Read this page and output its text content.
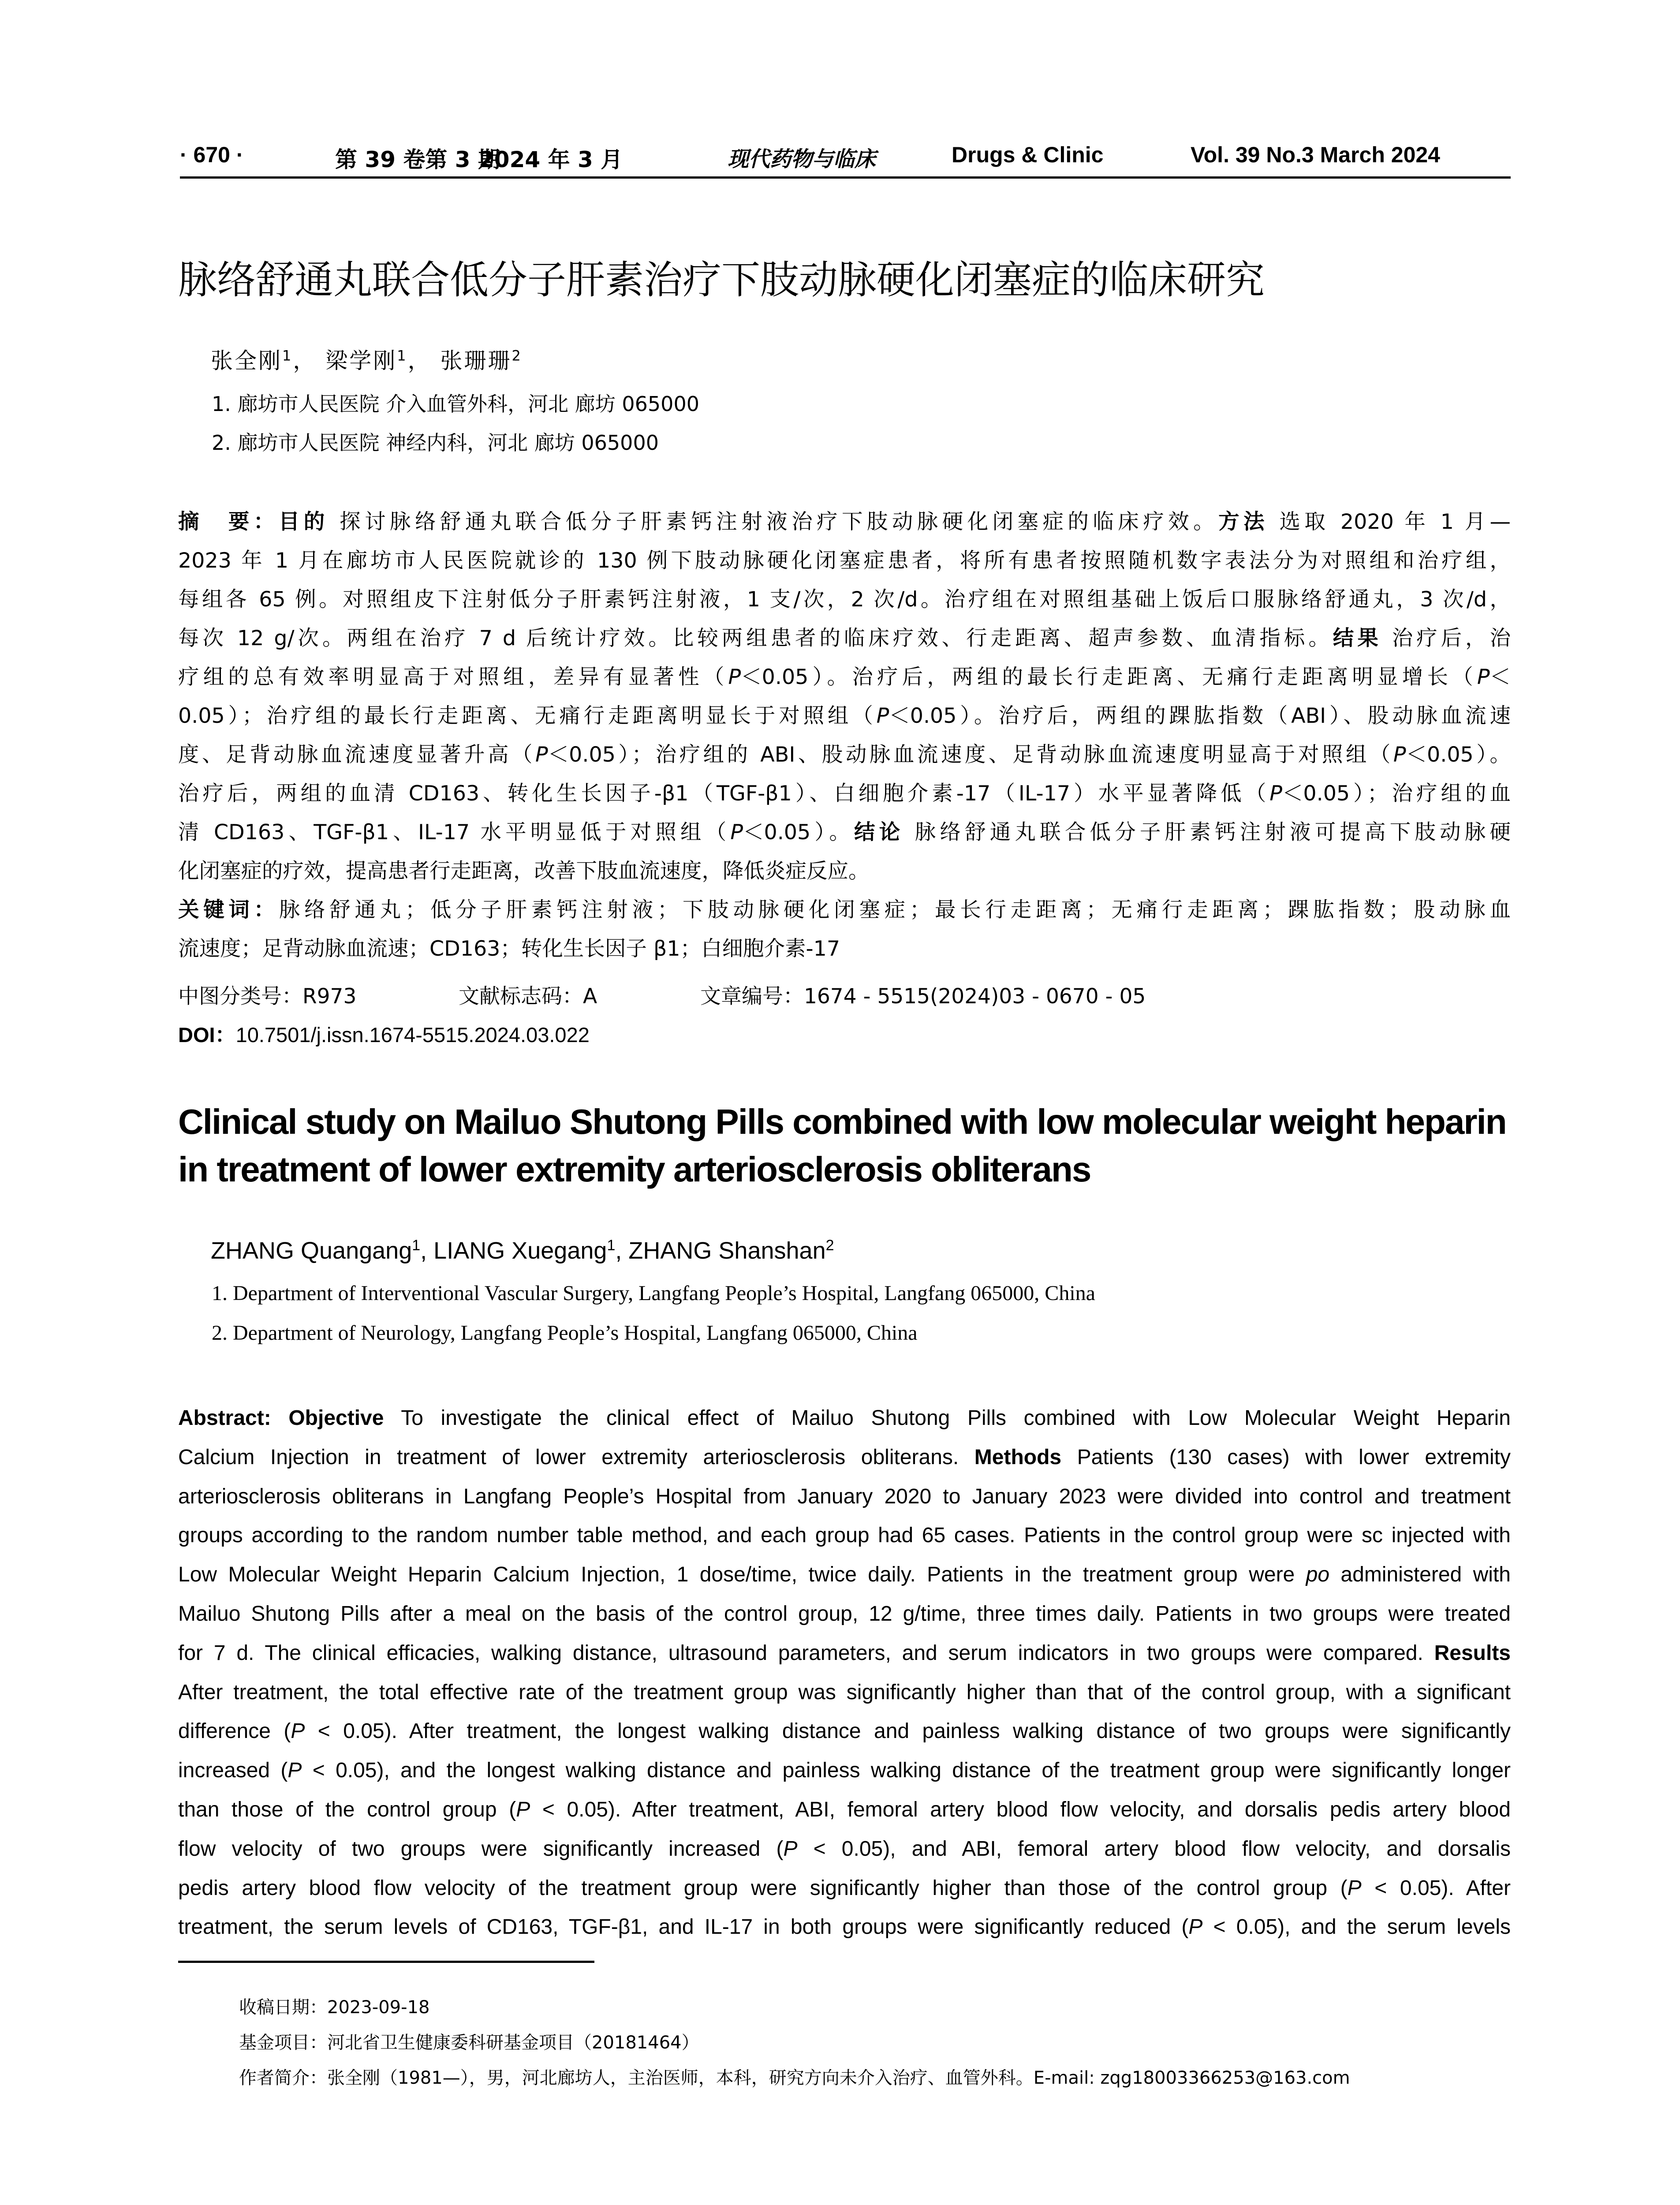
· 670 ·	第 39 卷第 3 期
2024 年 3 月	现代药物与临床	Drugs & Clinic	Vol. 39 No.3 March 2024
脉络舒通丸联合低分子肝素治疗下肢动脉硬化闭塞症的临床研究
张全刚$^1$， 梁学刚$^1$， 张珊珊$^2$
1. 廊坊市人民医院 介入血管外科，河北 廊坊 065000
2. 廊坊市人民医院 神经内科，河北 廊坊 065000
摘　要：目的 探讨脉络舒通丸联合低分子肝素钙注射液治疗下肢动脉硬化闭塞症的临床疗效。方法 选取 2020 年 1 月—
2023 年 1 月在廊坊市人民医院就诊的 130 例下肢动脉硬化闭塞症患者，将所有患者按照随机数字表法分为对照组和治疗组，
每组各 65 例。对照组皮下注射低分子肝素钙注射液，1 支/次，2 次/d。治疗组在对照组基础上饭后口服脉络舒通丸，3 次/d，
每次 12 g/次。两组在治疗 7 d 后统计疗效。比较两组患者的临床疗效、行走距离、超声参数、血清指标。结果 治疗后，治
疗组的总有效率明显高于对照组，差异有显著性（P＜0.05）。治疗后，两组的最长行走距离、无痛行走距离明显增长（P＜
0.05）；治疗组的最长行走距离、无痛行走距离明显长于对照组（P＜0.05）。治疗后，两组的踝肱指数（ABI）、股动脉血流速
度、足背动脉血流速度显著升高（P＜0.05）；治疗组的 ABI、股动脉血流速度、足背动脉血流速度明显高于对照组（P＜0.05）。
治疗后，两组的血清 CD163、转化生长因子-β1（TGF-β1）、白细胞介素-17（IL-17）水平显著降低（P＜0.05）；治疗组的血
清 CD163、TGF-β1、IL-17 水平明显低于对照组（P＜0.05）。结论 脉络舒通丸联合低分子肝素钙注射液可提高下肢动脉硬
化闭塞症的疗效，提高患者行走距离，改善下肢血流速度，降低炎症反应。
关键词：脉络舒通丸；低分子肝素钙注射液；下肢动脉硬化闭塞症；最长行走距离；无痛行走距离；踝肱指数；股动脉血
流速度；足背动脉血流速；CD163；转化生长因子 β1；白细胞介素-17
中图分类号：R973	文献标志码：A	文章编号：1674 - 5515(2024)03 - 0670 - 05
DOI：10.7501/j.issn.1674-5515.2024.03.022
Clinical study on Mailuo Shutong Pills combined with low molecular weight heparin
in treatment of lower extremity arteriosclerosis obliterans
ZHANG Quangang$^1$, LIANG Xuegang$^1$, ZHANG Shanshan$^2$
1. Department of Interventional Vascular Surgery, Langfang People’s Hospital, Langfang 065000, China
2. Department of Neurology, Langfang People’s Hospital, Langfang 065000, China
Abstract: Objective To investigate the clinical effect of Mailuo Shutong Pills combined with Low Molecular Weight Heparin
Calcium Injection in treatment of lower extremity arteriosclerosis obliterans. Methods Patients (130 cases) with lower extremity
arteriosclerosis obliterans in Langfang People’s Hospital from January 2020 to January 2023 were divided into control and treatment
groups according to the random number table method, and each group had 65 cases. Patients in the control group were sc injected with
Low Molecular Weight Heparin Calcium Injection, 1 dose/time, twice daily. Patients in the treatment group were po administered with
Mailuo Shutong Pills after a meal on the basis of the control group, 12 g/time, three times daily. Patients in two groups were treated
for 7 d. The clinical efficacies, walking distance, ultrasound parameters, and serum indicators in two groups were compared. Results
After treatment, the total effective rate of the treatment group was significantly higher than that of the control group, with a significant
difference (P < 0.05). After treatment, the longest walking distance and painless walking distance of two groups were significantly
increased (P < 0.05), and the longest walking distance and painless walking distance of the treatment group were significantly longer
than those of the control group (P < 0.05). After treatment, ABI, femoral artery blood flow velocity, and dorsalis pedis artery blood
flow velocity of two groups were significantly increased (P < 0.05), and ABI, femoral artery blood flow velocity, and dorsalis
pedis artery blood flow velocity of the treatment group were significantly higher than those of the control group (P < 0.05). After
treatment, the serum levels of CD163, TGF-β1, and IL-17 in both groups were significantly reduced (P < 0.05), and the serum levels
收稿日期：2023-09-18
基金项目：河北省卫生健康委科研基金项目（20181464）
作者简介：张全刚（1981—），男，河北廊坊人，主治医师，本科，研究方向未介入治疗、血管外科。E-mail: zqg18003366253@163.com
